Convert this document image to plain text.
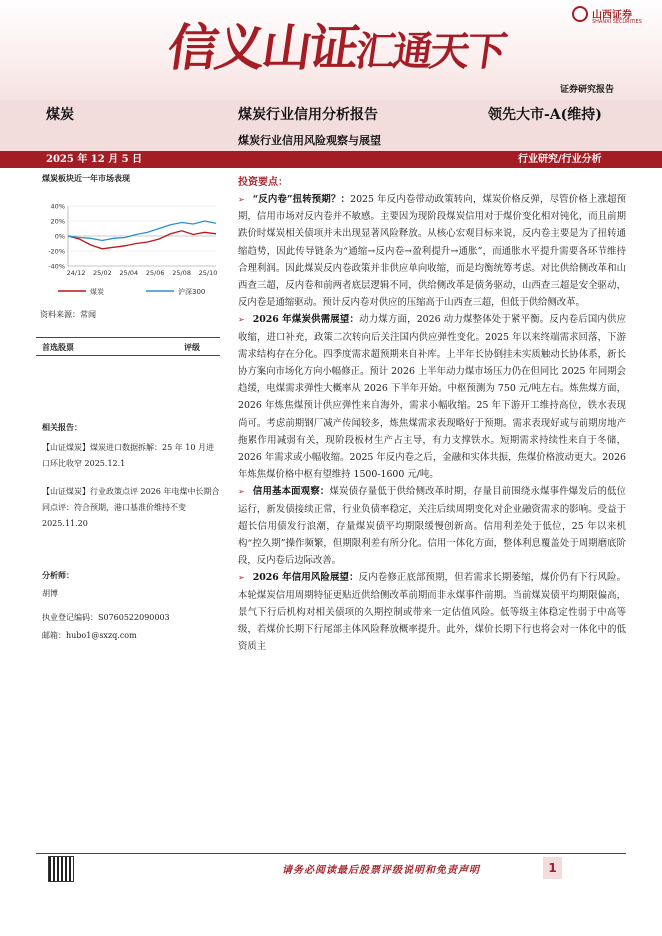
信义山证汇通天下
山西证券
SHANXI SECURITIES
证券研究报告
煤炭	煤炭行业信用分析报告	领先大市-A(维持)
煤炭行业信用风险观察与展望
2025 年 12 月 5 日	行业研究/行业分析
煤炭板块近一年市场表现
40%
20%
0%
-20%
-40%
24/12 25/02 25/04 25/06 25/08 25/10
煤炭	沪深300
资料来源：常闻
首选股票	评级
相关报告：
【山证煤炭】煤炭进口数据拆解：25 年 10 月进口环比收窄 2025.12.1
【山证煤炭】行业政策点评 2026 年电煤中长期合同点评：符合预期，港口基准价维持不变 2025.11.20
分析师：
胡博
执业登记编码：S0760522090003
邮箱：hubo1@sxzq.com
投资要点：

➢ “反内卷”扭转预期？：2025 年反内卷带动政策转向，煤炭价格反弹，尽管价格上涨超预期，信用市场对反内卷并不敏感。主要因为现阶段煤炭信用对于煤价变化相对钝化，而且前期跌价时煤炭相关债项并未出现显著风险释放。从核心宏观目标来说，反内卷主要是为了扭转通缩趋势，因此传导链条为“通缩→反内卷→盈利提升→通胀”，而通胀水平提升需要各环节维持合理利润。因此煤炭反内卷政策并非供应单向收缩，而是均衡统筹考虑。对比供给侧改革和山西查三超，反内卷和前两者底层逻辑不同，供给侧改革是债务驱动，山西查三超是安全驱动，反内卷是通缩驱动。预计反内卷对供应的压缩高于山西查三超，但低于供给侧改革。

➢ 2026 年煤炭供需展望：动力煤方面，2026 动力煤整体处于紧平衡。反内卷后国内供应收缩，进口补充，政策二次转向后关注国内供应弹性变化。2025 年以来终端需求回落，下游需求结构存在分化。四季度需求超预期来自补库。上半年长协倒挂未实质触动长协体系，新长协方案向市场化方向小幅修正。预计 2026 上半年动力煤市场压力仍在但同比 2025 年同期会趋缓，电煤需求弹性大概率从 2026 下半年开始。中枢预测为 750 元/吨左右。炼焦煤方面，2026 年炼焦煤预计供应弹性来自海外，需求小幅收缩。25 年下游开工维持高位，铁水表现尚可。考虑前期钢厂减产传闻较多，炼焦煤需求表现略好于预期。需求表现好或与前期房地产拖累作用减弱有关，现阶段板材生产占主导，有力支撑铁水。短期需求持续性来自于冬储，2026 年需求或小幅收缩。2025 年反内卷之后，金融和实体共振，焦煤价格波动更大。2026 年炼焦煤价格中枢有望维持 1500-1600 元/吨。

➢ 信用基本面观察：煤炭债存量低于供给侧改革时期，存量目前围绕永煤事件爆发后的低位运行，新发债接续正常，行业负债率稳定，关注后续周期变化对企业融资需求的影响。受益于超长信用债发行浪潮，存量煤炭债平均期限缓慢创新高。信用利差处于低位，25 年以来机构“控久期”操作频繁，但期限利差有所分化。信用一体化方面，整体利息覆盖处于周期磨底阶段，反内卷后边际改善。

➢ 2026 年信用风险展望：反内卷修正底部预期，但若需求长期萎缩，煤价仍有下行风险。本轮煤炭信用周期特征更贴近供给侧改革前期而非永煤事件前期。当前煤炭债平均期限偏高，景气下行后机构对相关债项的久期控制或带来一定估值风险。低等级主体稳定性弱于中高等级，若煤价长期下行尾部主体风险释放概率提升。此外，煤价长期下行也将会对一体化中的低资质主

请务必阅读最后股票评级说明和免责声明	1
